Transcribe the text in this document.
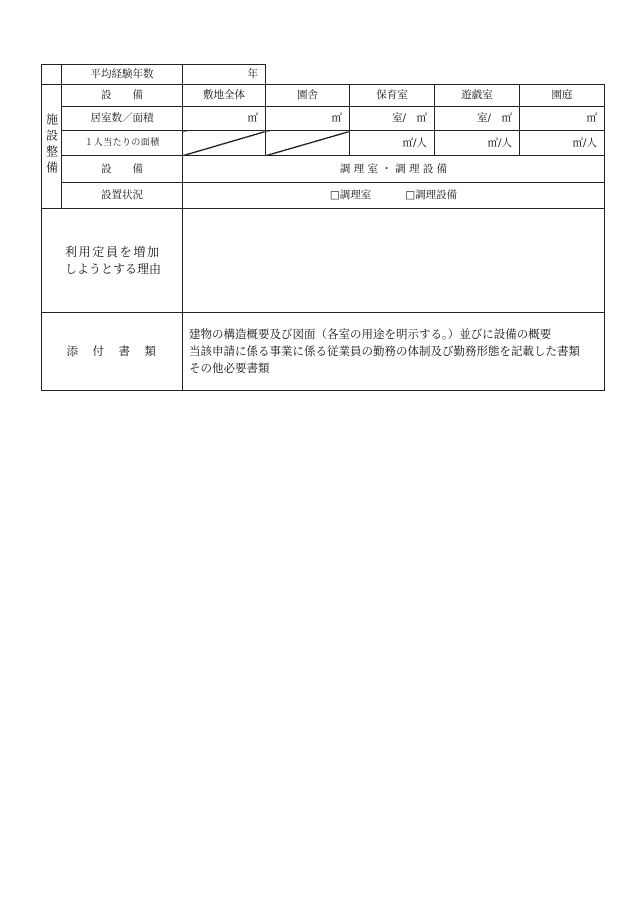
	平均経験年数	年				
施設整備	設　　備	敷地全体	園舎	保育室	遊戯室	園庭
	居室数／面積	㎡	㎡	室/　㎡	室/　㎡	㎡
	１人当たりの面積			㎡/人	㎡/人	㎡/人
	設　　備	調 理 室 ・ 調 理 設 備				
	設置状況	□調理室 □調理設備				

利用定員を増加
しようとする理由						

添　付　書　類		建物の構造概要及び図面（各室の用途を明示する。）並びに設備の概要
当該申請に係る事業に係る従業員の勤務の体制及び勤務形態を記載した書類
その他必要書類				
